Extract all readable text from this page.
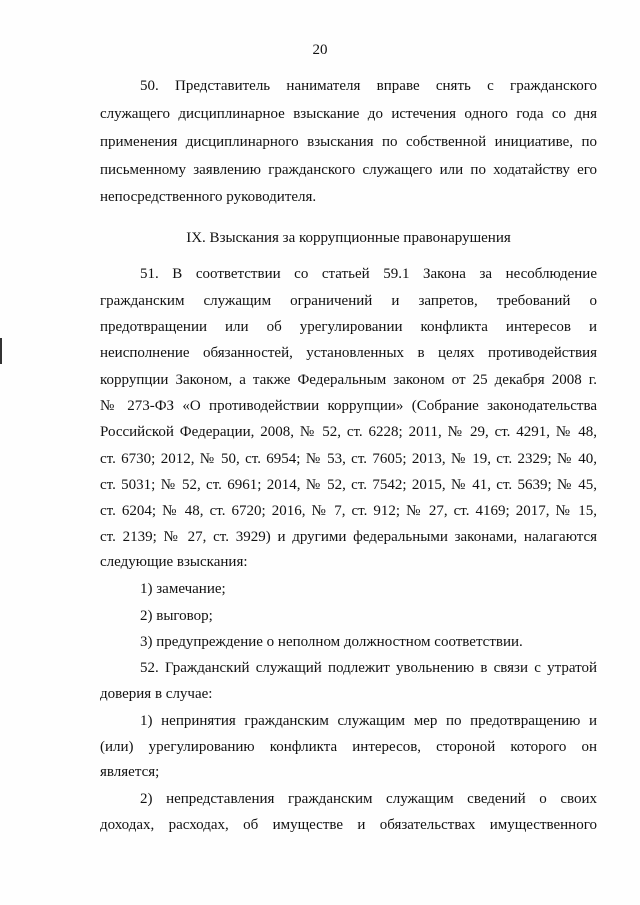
20
50. Представитель нанимателя вправе снять с гражданского
служащего дисциплинарное взыскание до истечения одного года со дня
применения дисциплинарного взыскания по собственной инициативе, по
письменному заявлению гражданского служащего или по ходатайству его
непосредственного руководителя.
IX. Взыскания за коррупционные правонарушения
51. В соответствии со статьей 59.1 Закона за несоблюдение
гражданским служащим ограничений и запретов, требований о
предотвращении или об урегулировании конфликта интересов и
неисполнение обязанностей, установленных в целях противодействия
коррупции Законом, а также Федеральным законом от 25 декабря 2008 г.
№ 273-ФЗ «О противодействии коррупции» (Собрание законодательства
Российской Федерации, 2008, № 52, ст. 6228; 2011, № 29, ст. 4291, № 48,
ст. 6730; 2012, № 50, ст. 6954; № 53, ст. 7605; 2013, № 19, ст. 2329; № 40,
ст. 5031; № 52, ст. 6961; 2014, № 52, ст. 7542; 2015, № 41, ст. 5639; № 45,
ст. 6204; № 48, ст. 6720; 2016, № 7, ст. 912; № 27, ст. 4169; 2017, № 15,
ст. 2139; № 27, ст. 3929) и другими федеральными законами, налагаются
следующие взыскания:
1) замечание;
2) выговор;
3) предупреждение о неполном должностном соответствии.
52. Гражданский служащий подлежит увольнению в связи с утратой
доверия в случае:
1) непринятия гражданским служащим мер по предотвращению и
(или) урегулированию конфликта интересов, стороной которого он
является;
2) непредставления гражданским служащим сведений о своих
доходах, расходах, об имуществе и обязательствах имущественного
